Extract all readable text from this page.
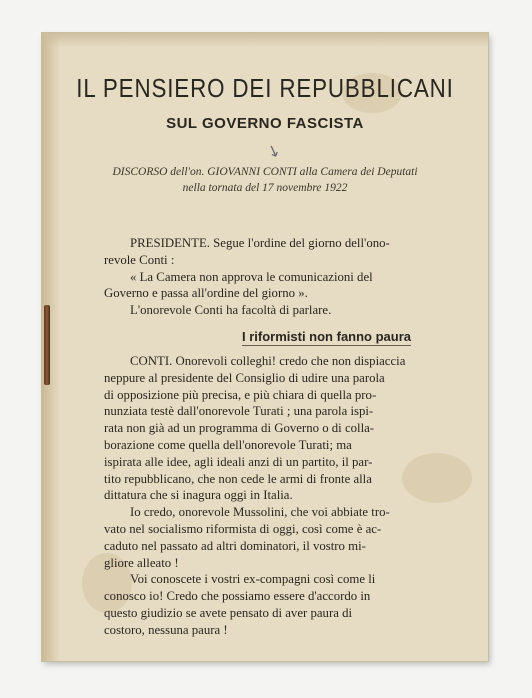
IL PENSIERO DEI REPUBBLICANI
SUL GOVERNO FASCISTA
↘
DISCORSO dell'on. GIOVANNI CONTI alla Camera dei Deputati
nella tornata del 17 novembre 1922
PRESIDENTE. Segue l'ordine del giorno dell'ono-
revole Conti :
« La Camera non approva le comunicazioni del
Governo e passa all'ordine del giorno ».
L'onorevole Conti ha facoltà di parlare.
I riformisti non fanno paura
CONTI. Onorevoli colleghi! credo che non dispiaccia
neppure al presidente del Consiglio di udire una parola
di opposizione più precisa, e più chiara di quella pro-
nunziata testè dall'onorevole Turati ; una parola ispi-
rata non già ad un programma di Governo o di colla-
borazione come quella dell'onorevole Turati; ma
ispirata alle idee, agli ideali anzi di un partito, il par-
tito repubblicano, che non cede le armi di fronte alla
dittatura che si inagura oggi in Italia.
Io credo, onorevole Mussolini, che voi abbiate tro-
vato nel socialismo riformista di oggi, così come è ac-
caduto nel passato ad altri dominatori, il vostro mi-
gliore alleato !
Voi conoscete i vostri ex-compagni così come li
conosco io! Credo che possiamo essere d'accordo in
questo giudizio se avete pensato di aver paura di
costoro, nessuna paura !
